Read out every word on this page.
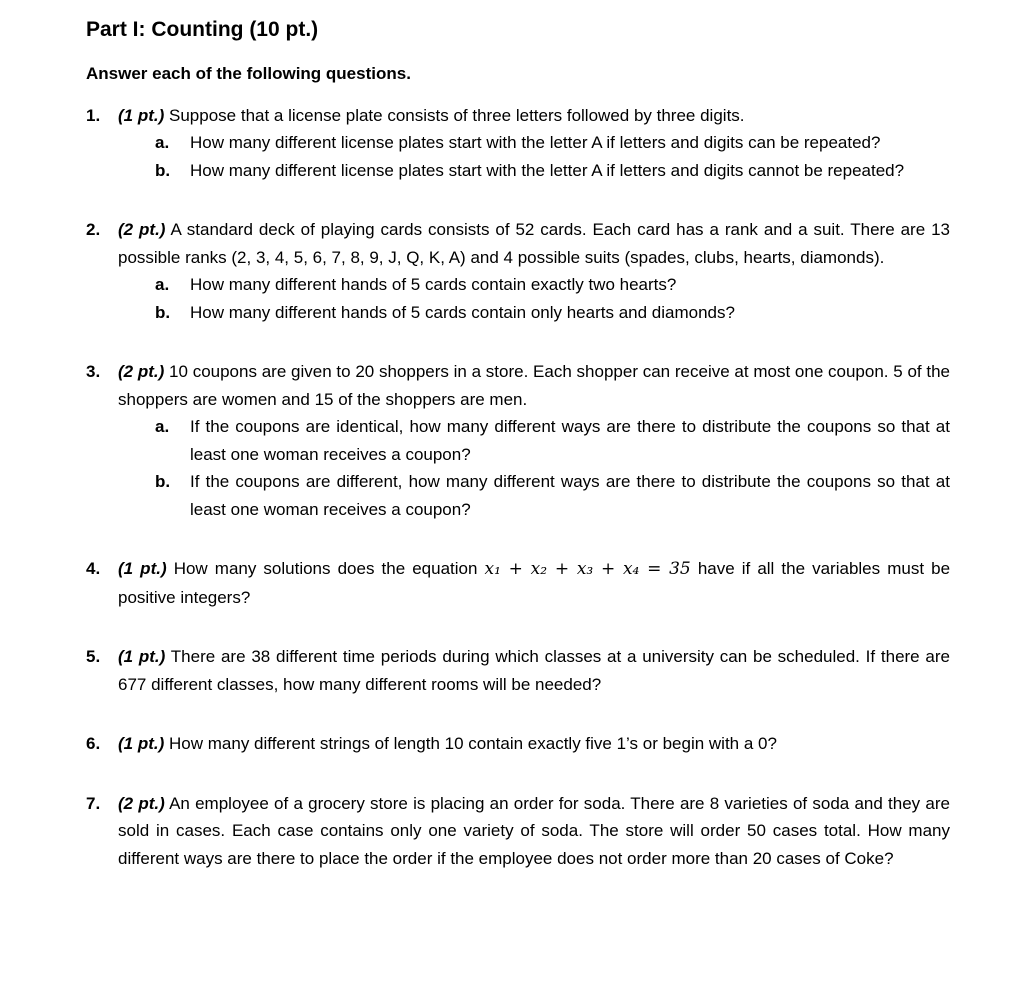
Part I: Counting (10 pt.)

Answer each of the following questions.

1.	(1 pt.) Suppose that a license plate consists of three letters followed by three digits.

a.	How many different license plates start with the letter A if letters and digits can be repeated?

b.	How many different license plates start with the letter A if letters and digits cannot be repeated?

2.	(2 pt.) A standard deck of playing cards consists of 52 cards. Each card has a rank and a suit. There are 13 possible ranks (2, 3, 4, 5, 6, 7, 8, 9, J, Q, K, A) and 4 possible suits (spades, clubs, hearts, diamonds).

a.	How many different hands of 5 cards contain exactly two hearts?

b.	How many different hands of 5 cards contain only hearts and diamonds?

3.	(2 pt.) 10 coupons are given to 20 shoppers in a store. Each shopper can receive at most one coupon. 5 of the shoppers are women and 15 of the shoppers are men.

a.	If the coupons are identical, how many different ways are there to distribute the coupons so that at least one woman receives a coupon?

b.	If the coupons are different, how many different ways are there to distribute the coupons so that at least one woman receives a coupon?

4.	(1 pt.) How many solutions does the equation x₁ + x₂ + x₃ + x₄ = 35 have if all the variables must be positive integers?

5.	(1 pt.) There are 38 different time periods during which classes at a university can be scheduled. If there are 677 different classes, how many different rooms will be needed?

6.	(1 pt.) How many different strings of length 10 contain exactly five 1’s or begin with a 0?

7.	(2 pt.) An employee of a grocery store is placing an order for soda. There are 8 varieties of soda and they are sold in cases. Each case contains only one variety of soda. The store will order 50 cases total. How many different ways are there to place the order if the employee does not order more than 20 cases of Coke?
